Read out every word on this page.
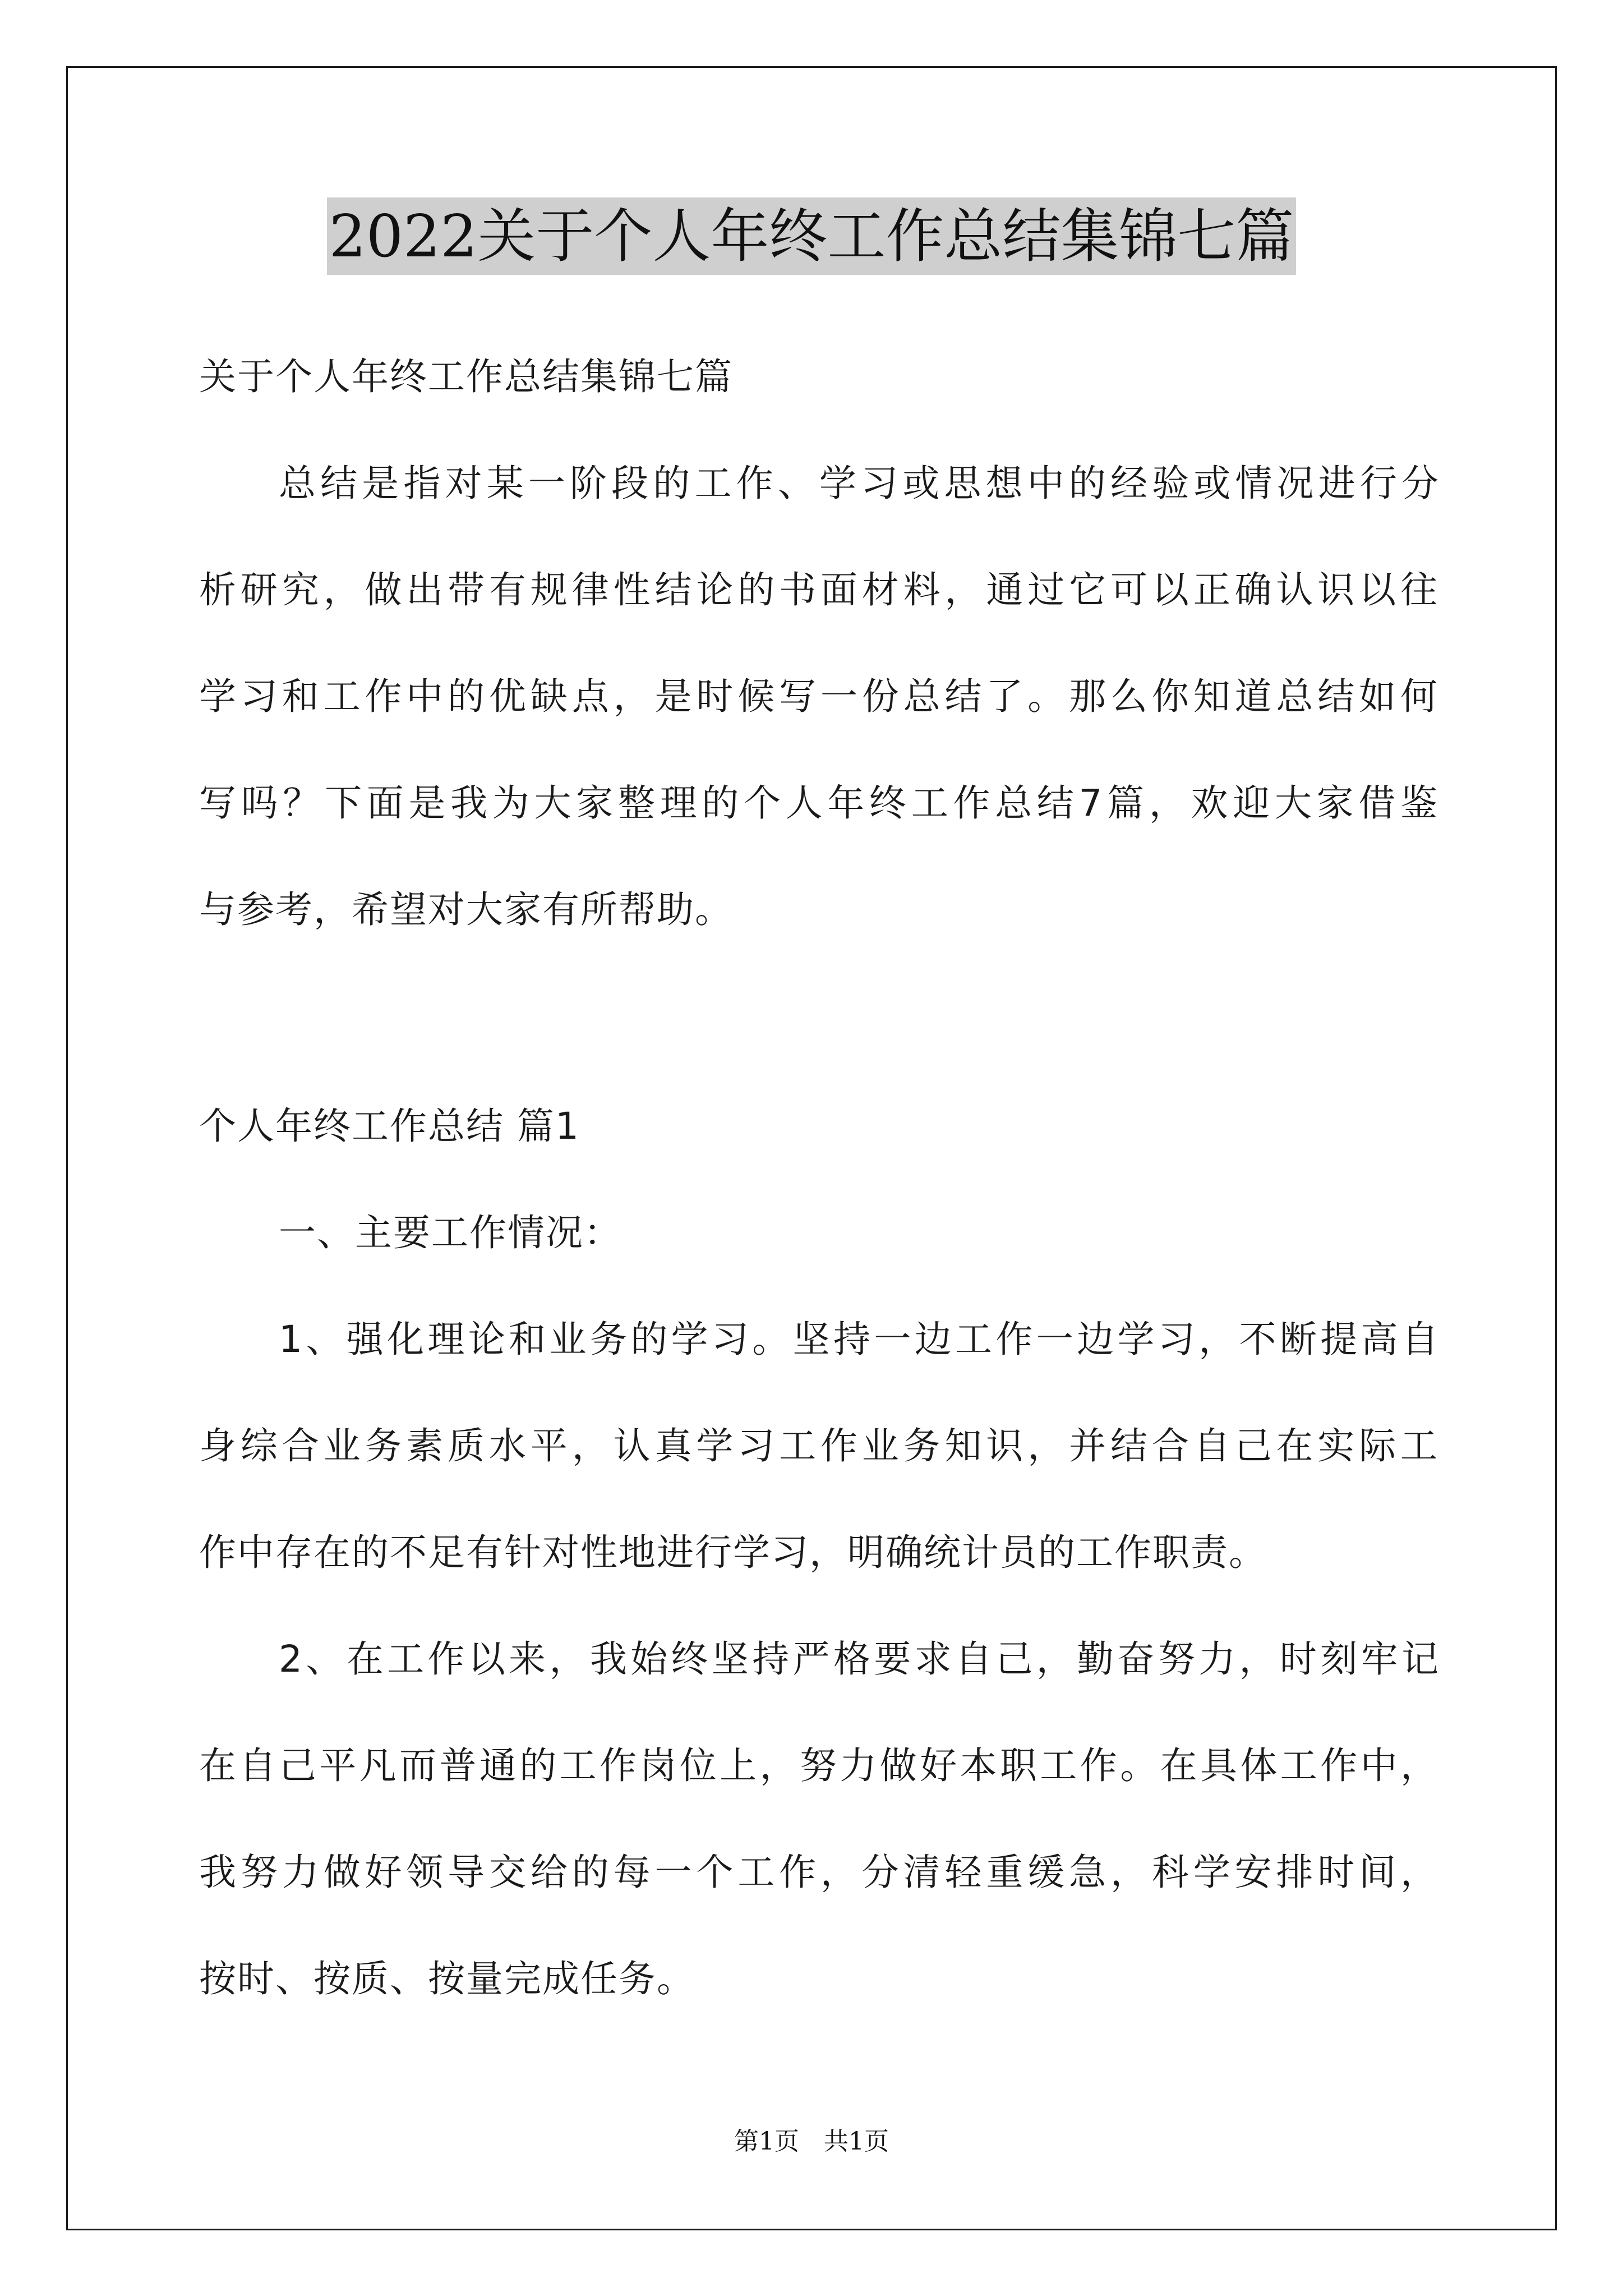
2022关于个人年终工作总结集锦七篇
关于个人年终工作总结集锦七篇
总结是指对某一阶段的工作、学习或思想中的经验或情况进行分
析研究，做出带有规律性结论的书面材料，通过它可以正确认识以往
学习和工作中的优缺点，是时候写一份总结了。那么你知道总结如何
写吗？下面是我为大家整理的个人年终工作总结7篇，欢迎大家借鉴
与参考，希望对大家有所帮助。
个人年终工作总结 篇1
一、主要工作情况：
1、强化理论和业务的学习。坚持一边工作一边学习，不断提高自
身综合业务素质水平，认真学习工作业务知识，并结合自己在实际工
作中存在的不足有针对性地进行学习，明确统计员的工作职责。
2、在工作以来，我始终坚持严格要求自己，勤奋努力，时刻牢记
在自己平凡而普通的工作岗位上，努力做好本职工作。在具体工作中，
我努力做好领导交给的每一个工作，分清轻重缓急，科学安排时间，
按时、按质、按量完成任务。
第1页　共1页
